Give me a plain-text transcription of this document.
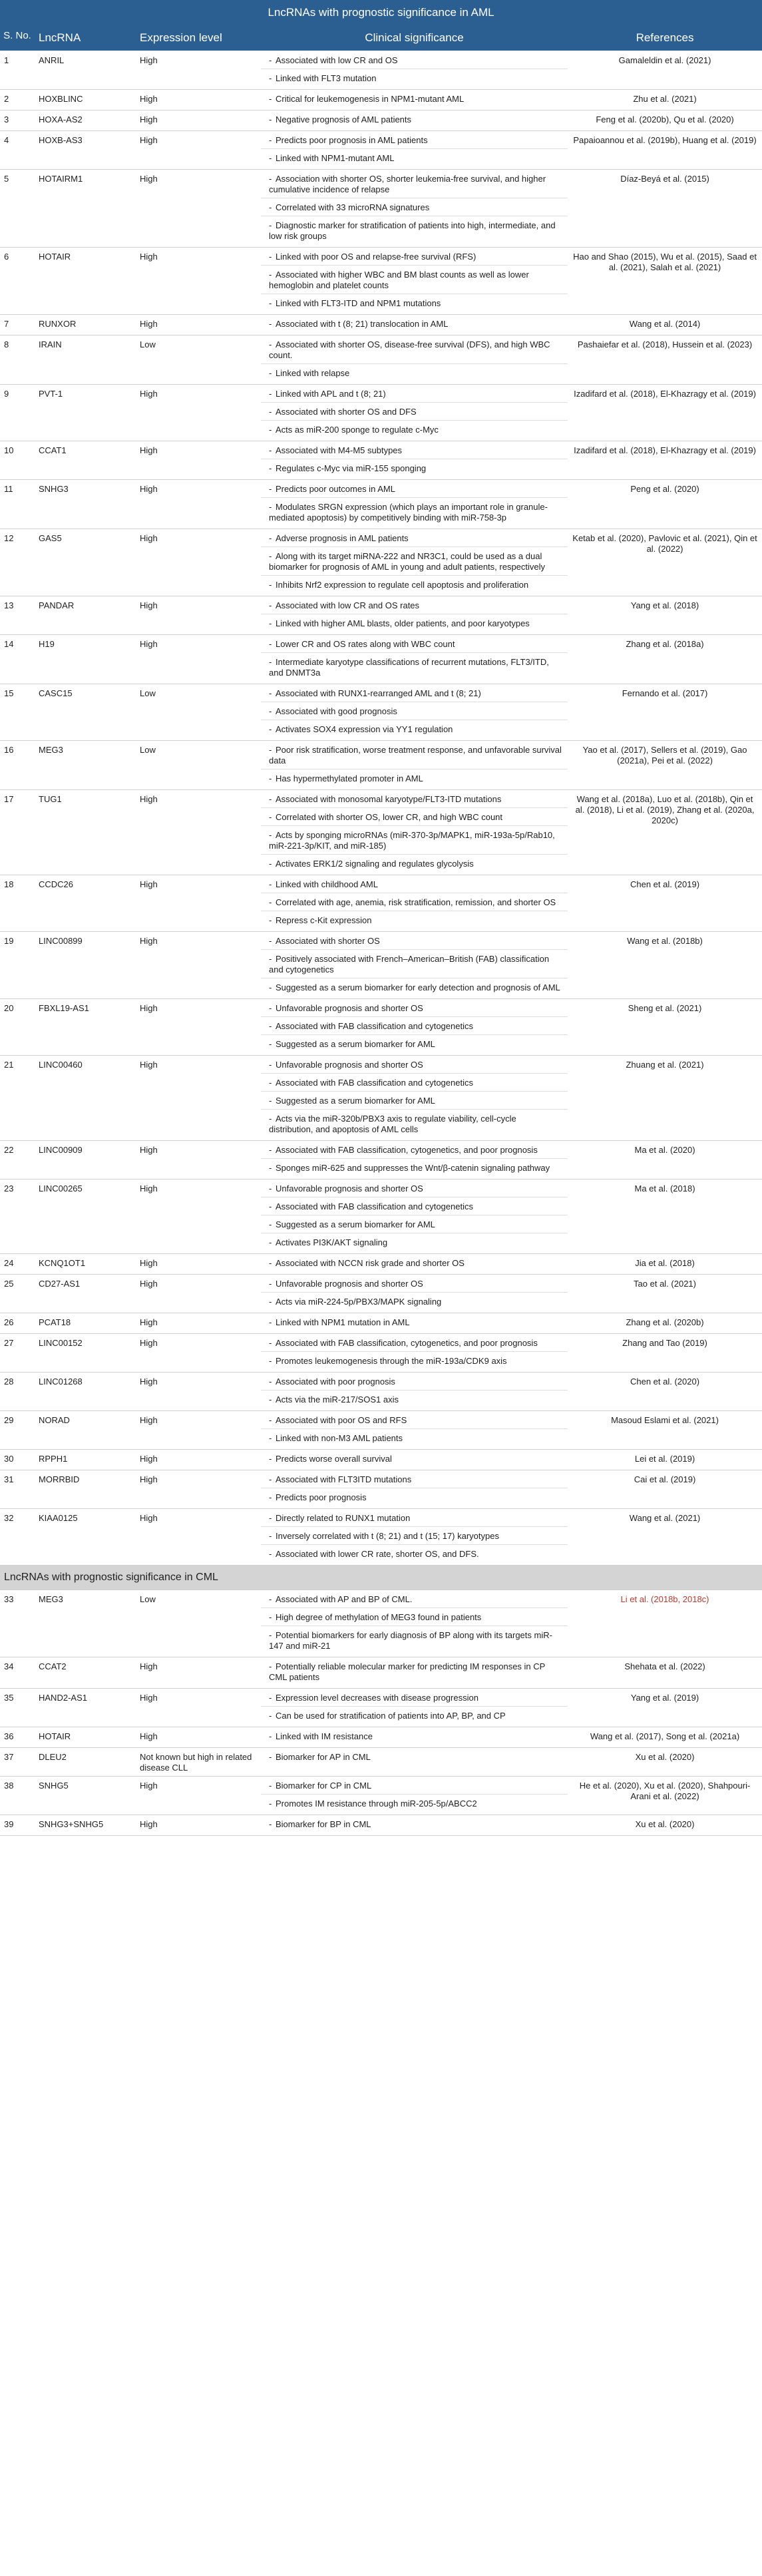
LncRNAs with prognostic significance in AML				
S. No.	LncRNA	Expression level	Clinical significance	References
1	ANRIL	High	- Associated with low CR and OS
- Linked with FLT3 mutation	Gamaleldin et al. (2021)
2	HOXBLINC	High	- Critical for leukemogenesis in NPM1-mutant AML	Zhu et al. (2021)
3	HOXA-AS2	High	- Negative prognosis of AML patients	Feng et al. (2020b), Qu et al. (2020)
4	HOXB-AS3	High	- Predicts poor prognosis in AML patients
- Linked with NPM1-mutant AML	Papaioannou et al. (2019b), Huang et al. (2019)
5	HOTAIRM1	High	- Association with shorter OS, shorter leukemia-free survival, and higher cumulative incidence of relapse
- Correlated with 33 microRNA signatures
- Diagnostic marker for stratification of patients into high, intermediate, and low risk groups	Díaz-Beyá et al. (2015)
6	HOTAIR	High	- Linked with poor OS and relapse-free survival (RFS)
- Associated with higher WBC and BM blast counts as well as lower hemoglobin and platelet counts
- Linked with FLT3-ITD and NPM1 mutations	Hao and Shao (2015), Wu et al. (2015), Saad et al. (2021), Salah et al. (2021)
7	RUNXOR	High	- Associated with t (8; 21) translocation in AML	Wang et al. (2014)
8	IRAIN	Low	- Associated with shorter OS, disease-free survival (DFS), and high WBC count.
- Linked with relapse	Pashaiefar et al. (2018), Hussein et al. (2023)
9	PVT-1	High	- Linked with APL and t (8; 21)
- Associated with shorter OS and DFS
- Acts as miR-200 sponge to regulate c-Myc	Izadifard et al. (2018), El-Khazragy et al. (2019)
10	CCAT1	High	- Associated with M4-M5 subtypes
- Regulates c-Myc via miR-155 sponging	Izadifard et al. (2018), El-Khazragy et al. (2019)
11	SNHG3	High	- Predicts poor outcomes in AML
- Modulates SRGN expression (which plays an important role in granule-mediated apoptosis) by competitively binding with miR-758-3p	Peng et al. (2020)
12	GAS5	High	- Adverse prognosis in AML patients
- Along with its target miRNA-222 and NR3C1, could be used as a dual biomarker for prognosis of AML in young and adult patients, respectively
- Inhibits Nrf2 expression to regulate cell apoptosis and proliferation	Ketab et al. (2020), Pavlovic et al. (2021), Qin et al. (2022)
13	PANDAR	High	- Associated with low CR and OS rates
- Linked with higher AML blasts, older patients, and poor karyotypes	Yang et al. (2018)
14	H19	High	- Lower CR and OS rates along with WBC count
- Intermediate karyotype classifications of recurrent mutations, FLT3/ITD, and DNMT3a	Zhang et al. (2018a)
15	CASC15	Low	- Associated with RUNX1-rearranged AML and t (8; 21)
- Associated with good prognosis
- Activates SOX4 expression via YY1 regulation	Fernando et al. (2017)
16	MEG3	Low	- Poor risk stratification, worse treatment response, and unfavorable survival data
- Has hypermethylated promoter in AML	Yao et al. (2017), Sellers et al. (2019), Gao (2021a), Pei et al. (2022)
17	TUG1	High	- Associated with monosomal karyotype/FLT3-ITD mutations
- Correlated with shorter OS, lower CR, and high WBC count
- Acts by sponging microRNAs (miR-370-3p/MAPK1, miR-193a-5p/Rab10, miR-221-3p/KIT, and miR-185)
- Activates ERK1/2 signaling and regulates glycolysis	Wang et al. (2018a), Luo et al. (2018b), Qin et al. (2018), Li et al. (2019), Zhang et al. (2020a, 2020c)
18	CCDC26	High	- Linked with childhood AML
- Correlated with age, anemia, risk stratification, remission, and shorter OS
- Repress c-Kit expression	Chen et al. (2019)
19	LINC00899	High	- Associated with shorter OS
- Positively associated with French–American–British (FAB) classification and cytogenetics
- Suggested as a serum biomarker for early detection and prognosis of AML	Wang et al. (2018b)
20	FBXL19-AS1	High	- Unfavorable prognosis and shorter OS
- Associated with FAB classification and cytogenetics
- Suggested as a serum biomarker for AML	Sheng et al. (2021)
21	LINC00460	High	- Unfavorable prognosis and shorter OS
- Associated with FAB classification and cytogenetics
- Suggested as a serum biomarker for AML
- Acts via the miR-320b/PBX3 axis to regulate viability, cell-cycle distribution, and apoptosis of AML cells	Zhuang et al. (2021)
22	LINC00909	High	- Associated with FAB classification, cytogenetics, and poor prognosis
- Sponges miR-625 and suppresses the Wnt/β-catenin signaling pathway	Ma et al. (2020)
23	LINC00265	High	- Unfavorable prognosis and shorter OS
- Associated with FAB classification and cytogenetics
- Suggested as a serum biomarker for AML
- Activates PI3K/AKT signaling	Ma et al. (2018)
24	KCNQ1OT1	High	- Associated with NCCN risk grade and shorter OS	Jia et al. (2018)
25	CD27-AS1	High	- Unfavorable prognosis and shorter OS
- Acts via miR-224-5p/PBX3/MAPK signaling	Tao et al. (2021)
26	PCAT18	High	- Linked with NPM1 mutation in AML	Zhang et al. (2020b)
27	LINC00152	High	- Associated with FAB classification, cytogenetics, and poor prognosis
- Promotes leukemogenesis through the miR-193a/CDK9 axis	Zhang and Tao (2019)
28	LINC01268	High	- Associated with poor prognosis
- Acts via the miR-217/SOS1 axis	Chen et al. (2020)
29	NORAD	High	- Associated with poor OS and RFS
- Linked with non-M3 AML patients	Masoud Eslami et al. (2021)
30	RPPH1	High	- Predicts worse overall survival	Lei et al. (2019)
31	MORRBID	High	- Associated with FLT3ITD mutations
- Predicts poor prognosis	Cai et al. (2019)
32	KIAA0125	High	- Directly related to RUNX1 mutation
- Inversely correlated with t (8; 21) and t (15; 17) karyotypes
- Associated with lower CR rate, shorter OS, and DFS.	Wang et al. (2021)
LncRNAs with prognostic significance in CML				
33	MEG3	Low	- Associated with AP and BP of CML.
- High degree of methylation of MEG3 found in patients
- Potential biomarkers for early diagnosis of BP along with its targets miR-147 and miR-21	Li et al. (2018b, 2018c)
34	CCAT2	High	- Potentially reliable molecular marker for predicting IM responses in CP CML patients	Shehata et al. (2022)
35	HAND2-AS1	High	- Expression level decreases with disease progression
- Can be used for stratification of patients into AP, BP, and CP	Yang et al. (2019)
36	HOTAIR	High	- Linked with IM resistance	Wang et al. (2017), Song et al. (2021a)
37	DLEU2	Not known but high in related disease CLL	- Biomarker for AP in CML	Xu et al. (2020)
38	SNHG5	High	- Biomarker for CP in CML
- Promotes IM resistance through miR-205-5p/ABCC2	He et al. (2020), Xu et al. (2020), Shahpouri-Arani et al. (2022)
39	SNHG3+SNHG5	High	- Biomarker for BP in CML	Xu et al. (2020)
